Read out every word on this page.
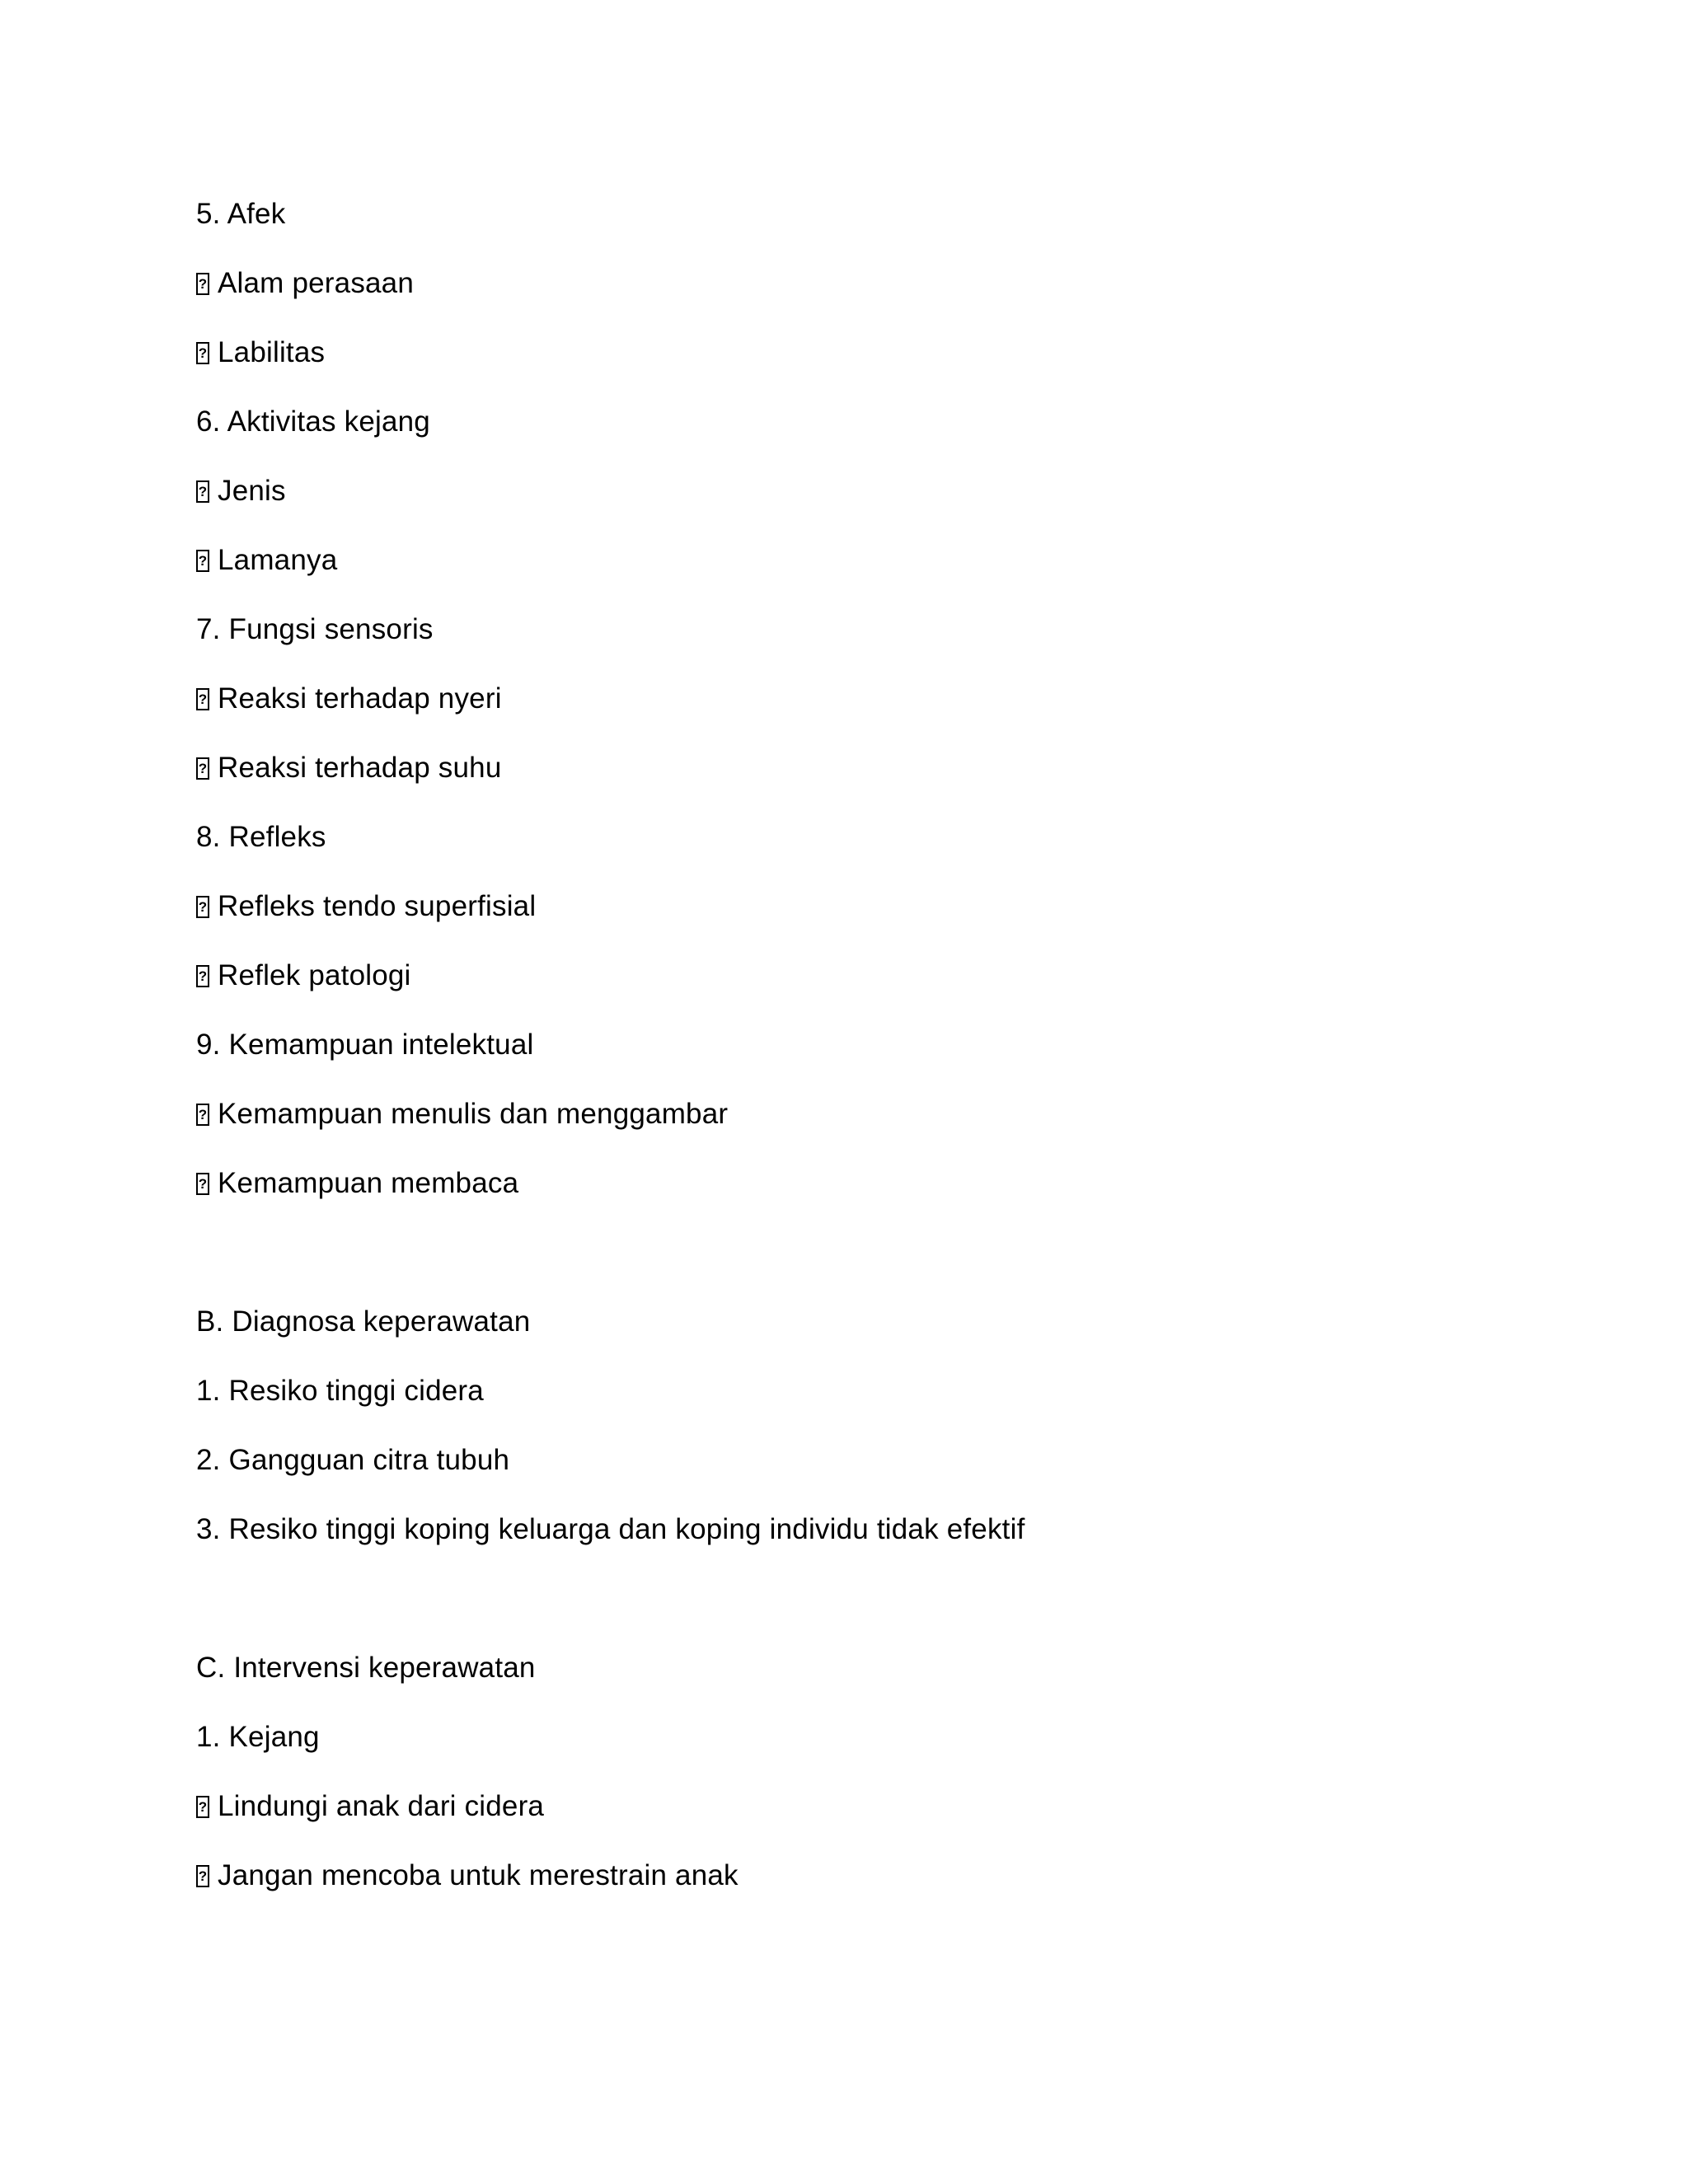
5. Afek
?Alam perasaan
?Labilitas
6. Aktivitas kejang
?Jenis
?Lamanya
7. Fungsi sensoris
?Reaksi terhadap nyeri
?Reaksi terhadap suhu
8. Refleks
?Refleks tendo superfisial
?Reflek patologi
9. Kemampuan intelektual
?Kemampuan menulis dan menggambar
?Kemampuan membaca
B. Diagnosa keperawatan
1. Resiko tinggi cidera
2. Gangguan citra tubuh
3. Resiko tinggi koping keluarga dan koping individu tidak efektif
C. Intervensi keperawatan
1. Kejang
?Lindungi anak dari cidera
?Jangan mencoba untuk merestrain anak
